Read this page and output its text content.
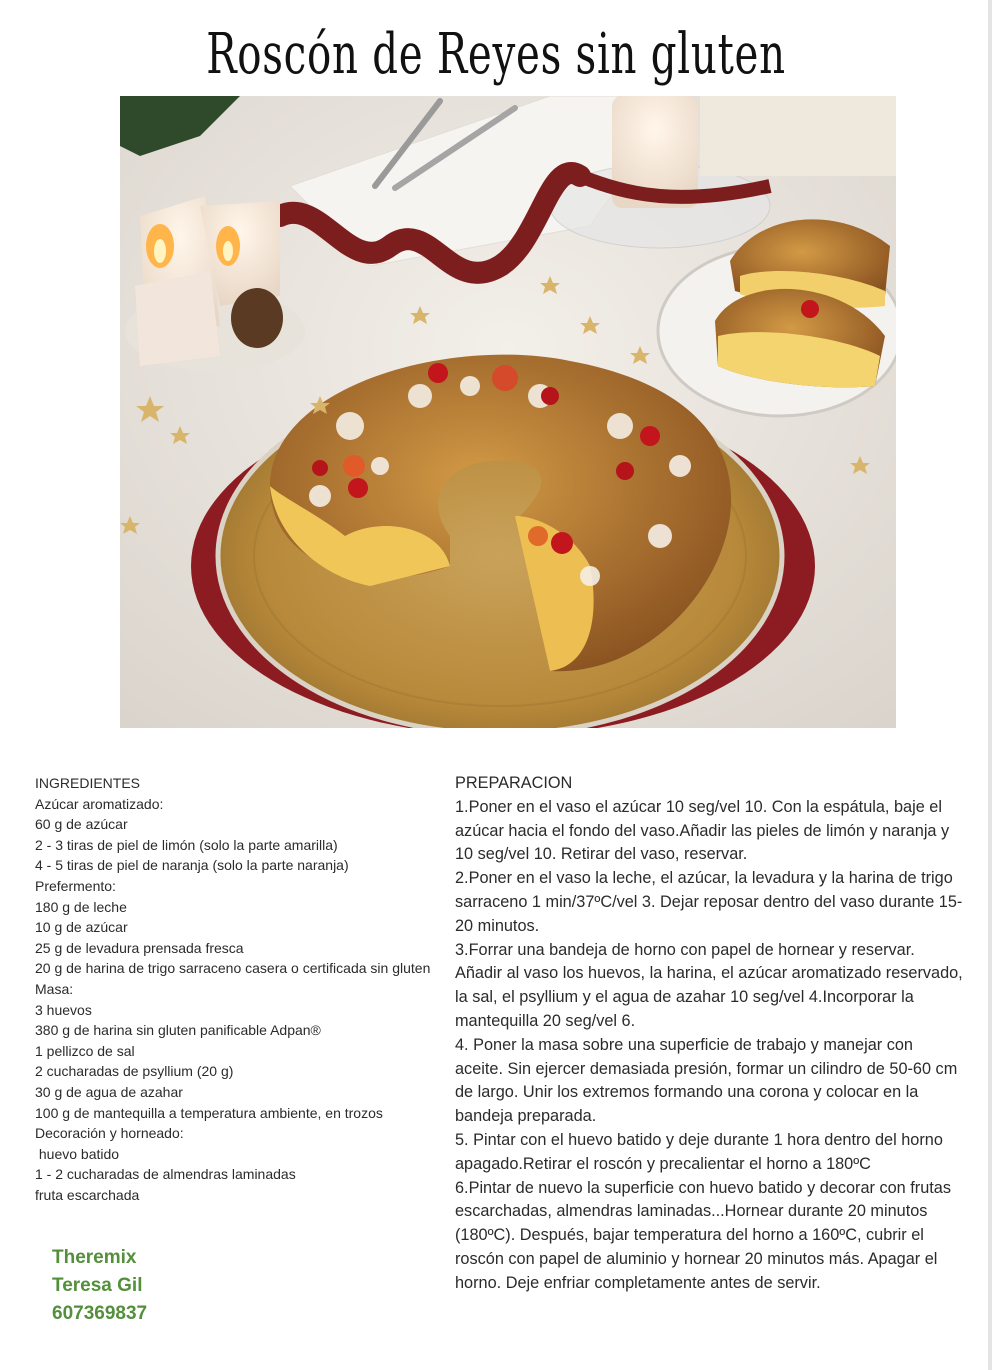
Roscón de Reyes sin gluten
INGREDIENTES
Azúcar aromatizado:
60 g de azúcar
2 - 3 tiras de piel de limón (solo la parte amarilla)
4 - 5 tiras de piel de naranja (solo la parte naranja)
Prefermento:
180 g de leche
10 g de azúcar
25 g de levadura prensada fresca
20 g de harina de trigo sarraceno casera o certificada sin gluten
Masa:
3 huevos
380 g de harina sin gluten panificable Adpan®
1 pellizco de sal
2 cucharadas de psyllium (20 g)
30 g de agua de azahar
100 g de mantequilla a temperatura ambiente, en trozos
Decoración y horneado:
huevo batido
1 - 2 cucharadas de almendras laminadas
fruta escarchada

PREPARACION

1.Poner en el vaso el azúcar 10 seg/vel 10. Con la espátula, baje el azúcar hacia el fondo del vaso.Añadir las pieles de limón y naranja y 10 seg/vel 10. Retirar del vaso, reservar.

2.Poner en el vaso la leche, el azúcar, la levadura y la harina de trigo sarraceno 1 min/37ºC/vel 3. Dejar reposar dentro del vaso durante 15-20 minutos.

3.Forrar una bandeja de horno con papel de hornear y reservar. Añadir al vaso los huevos, la harina, el azúcar aromatizado reservado, la sal, el psyllium y el agua de azahar 10 seg/vel 4.Incorporar la mantequilla 20 seg/vel 6.

4. Poner la masa sobre una superficie de trabajo y manejar con aceite. Sin ejercer demasiada presión, formar un cilindro de 50-60 cm de largo. Unir los extremos formando una corona y colocar en la bandeja preparada.

5. Pintar con el huevo batido y deje durante 1 hora dentro del horno apagado.Retirar el roscón y precalientar el horno a 180ºC

6.Pintar de nuevo la superficie con huevo batido y decorar con frutas escarchadas, almendras laminadas...Hornear durante 20 minutos (180ºC). Después, bajar temperatura del horno a 160ºC, cubrir el roscón con papel de aluminio y hornear 20 minutos más. Apagar el horno. Deje enfriar completamente antes de servir.

Theremix
Teresa Gil
607369837
